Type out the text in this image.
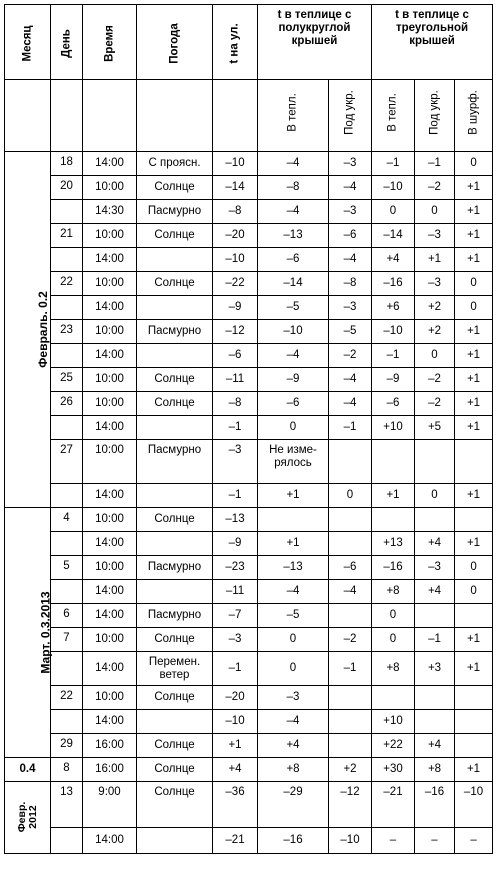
Месяц	День	Время	Погода	t на ул.	t в теплице с полукруглой крышей		t в теплице с треугольной крышей		

					В тепл.	Под укр.	В тепл.	Под укр.	В шурф.

Февраль. 0.2	18	14:00	С проясн.	–10	–4	–3	–1	–1	0
	20	10:00	Солнце	–14	–8	–4	–10	–2	+1
		14:30	Пасмурно	–8	–4	–3	0	0	+1
	21	10:00	Солнце	–20	–13	–6	–14	–3	+1
		14:00		–10	–6	–4	+4	+1	+1
	22	10:00	Солнце	–22	–14	–8	–16	–3	0
		14:00		–9	–5	–3	+6	+2	0
	23	10:00	Пасмурно	–12	–10	–5	–10	+2	+1
		14:00		–6	–4	–2	–1	0	+1
	25	10:00	Солнце	–11	–9	–4	–9	–2	+1
	26	10:00	Солнце	–8	–6	–4	–6	–2	+1
		14:00		–1	0	–1	+10	+5	+1
	27	10:00	Пасмурно	–3	Не изме-рялось				
		14:00		–1	+1	0	+1	0	+1
Март. 0.3.2013	4	10:00	Солнце	–13					
		14:00		–9	+1		+13	+4	+1
	5	10:00	Пасмурно	–23	–13	–6	–16	–3	0
		14:00		–11	–4	–4	+8	+4	0
	6	14:00	Пасмурно	–7	–5		0		
	7	10:00	Солнце	–3	0	–2	0	–1	+1
		14:00	Перемен. ветер	–1	0	–1	+8	+3	+1
	22	10:00	Солнце	–20	–3				
		14:00		–10	–4		+10		
	29	16:00	Солнце	+1	+4		+22	+4	
0.4	8	16:00	Солнце	+4	+8	+2	+30	+8	+1
Февр. 2012	13	9:00	Солнце	–36	–29	–12	–21	–16	–10
		14:00		–21	–16	–10	–	–	–
